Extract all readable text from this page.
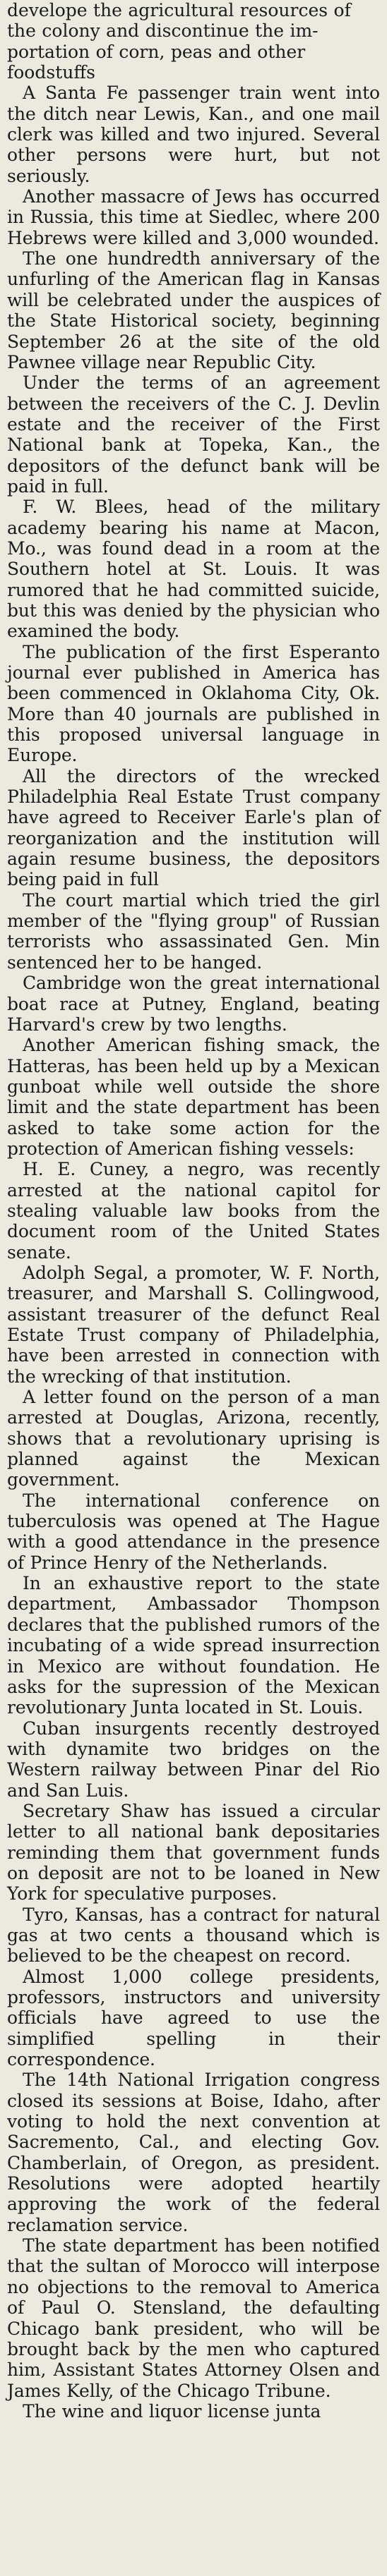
develope the agricultural resources of
the colony and discontinue the im-
portation of corn, peas and other
foodstuffs

A Santa Fe passenger train went into the ditch near Lewis, Kan., and one mail clerk was killed and two injured. Several other persons were hurt, but not seriously.

Another massacre of Jews has occurred in Russia, this time at Siedlec, where 200 Hebrews were killed and 3,000 wounded.

The one hundredth anniversary of the unfurling of the American flag in Kansas will be celebrated under the auspices of the State Historical society, beginning September 26 at the site of the old Pawnee village near Republic City.

Under the terms of an agreement between the receivers of the C. J. Devlin estate and the receiver of the First National bank at Topeka, Kan., the depositors of the defunct bank will be paid in full.

F. W. Blees, head of the military academy bearing his name at Macon, Mo., was found dead in a room at the Southern hotel at St. Louis. It was rumored that he had committed suicide, but this was denied by the physician who examined the body.

The publication of the first Esperanto journal ever published in America has been commenced in Oklahoma City, Ok. More than 40 journals are published in this proposed universal language in Europe.

All the directors of the wrecked Philadelphia Real Estate Trust company have agreed to Receiver Earle's plan of reorganization and the institution will again resume business, the depositors being paid in full

The court martial which tried the girl member of the "flying group" of Russian terrorists who assassinated Gen. Min sentenced her to be hanged.

Cambridge won the great international boat race at Putney, England, beating Harvard's crew by two lengths.

Another American fishing smack, the Hatteras, has been held up by a Mexican gunboat while well outside the shore limit and the state department has been asked to take some action for the protection of American fishing vessels:

H. E. Cuney, a negro, was recently arrested at the national capitol for stealing valuable law books from the document room of the United States senate.

Adolph Segal, a promoter, W. F. North, treasurer, and Marshall S. Collingwood, assistant treasurer of the defunct Real Estate Trust company of Philadelphia, have been arrested in connection with the wrecking of that institution.

A letter found on the person of a man arrested at Douglas, Arizona, recently, shows that a revolutionary uprising is planned against the Mexican government.

The international conference on tuberculosis was opened at The Hague with a good attendance in the presence of Prince Henry of the Netherlands.

In an exhaustive report to the state department, Ambassador Thompson declares that the published rumors of the incubating of a wide spread insurrection in Mexico are without foundation. He asks for the supression of the Mexican revolutionary Junta located in St. Louis.

Cuban insurgents recently destroyed with dynamite two bridges on the Western railway between Pinar del Rio and San Luis.

Secretary Shaw has issued a circular letter to all national bank depositaries reminding them that government funds on deposit are not to be loaned in New York for speculative purposes.

Tyro, Kansas, has a contract for natural gas at two cents a thousand which is believed to be the cheapest on record.

Almost 1,000 college presidents, professors, instructors and university officials have agreed to use the simplified spelling in their correspondence.

The 14th National Irrigation congress closed its sessions at Boise, Idaho, after voting to hold the next convention at Sacremento, Cal., and electing Gov. Chamberlain, of Oregon, as president. Resolutions were adopted heartily approving the work of the federal reclamation service.

The state department has been notified that the sultan of Morocco will interpose no objections to the removal to America of Paul O. Stensland, the defaulting Chicago bank president, who will be brought back by the men who captured him, Assistant States Attorney Olsen and James Kelly, of the Chicago Tribune.

The wine and liquor license junta
